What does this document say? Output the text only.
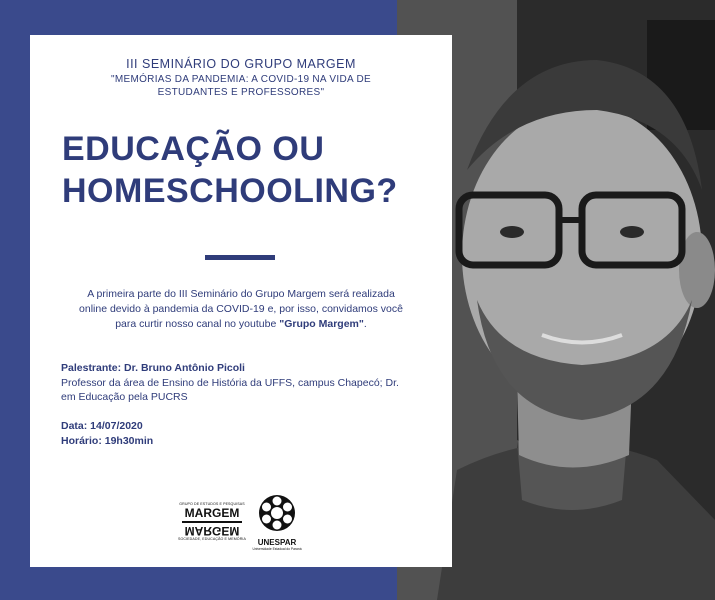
III SEMINÁRIO DO GRUPO MARGEM
"MEMÓRIAS DA PANDEMIA: A COVID-19 NA VIDA DE
ESTUDANTES E PROFESSORES"
EDUCAÇÃO OU
HOMESCHOOLING?
A primeira parte do III Seminário do Grupo Margem será realizada
online devido à pandemia da COVID-19 e, por isso, convidamos você
para curtir nosso canal no youtube "Grupo Margem".
Palestrante: Dr. Bruno Antônio Picoli
Professor da área de Ensino de História da UFFS, campus Chapecó; Dr.
em Educação pela PUCRS
Data: 14/07/2020
Horário: 19h30min
GRUPO DE ESTUDOS E PESQUISAS
MARGEM
MARGEM
SOCIEDADE, EDUCAÇÃO E MEMÓRIA	UNESPAR
Universidade Estadual do Paraná
